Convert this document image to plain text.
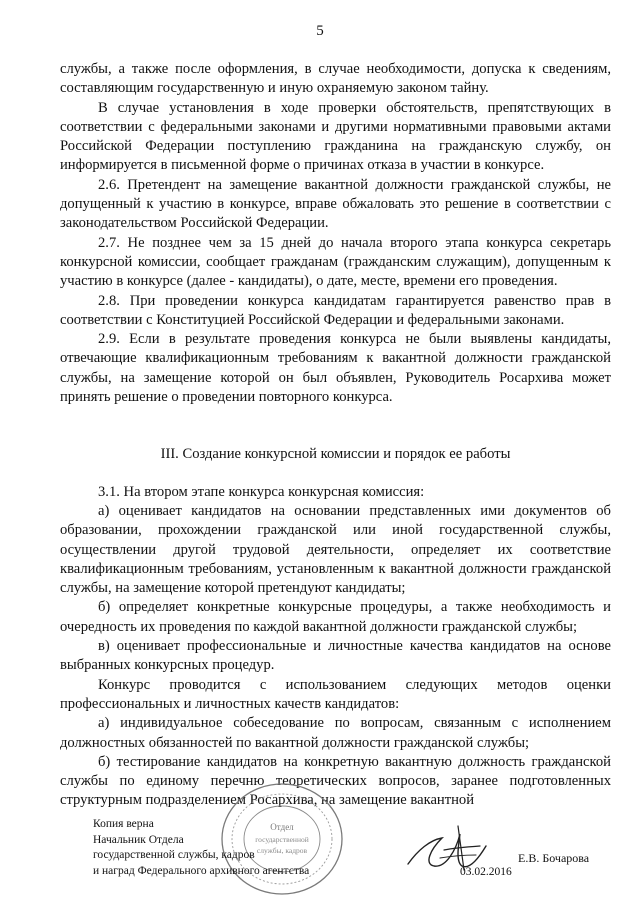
5

службы, а также после оформления, в случае необходимости, допуска к сведениям, составляющим государственную и иную охраняемую законом тайну.

В случае установления в ходе проверки обстоятельств, препятствующих в соответствии с федеральными законами и другими нормативными правовыми актами Российской Федерации поступлению гражданина на гражданскую службу, он информируется в письменной форме о причинах отказа в участии в конкурсе.

2.6. Претендент на замещение вакантной должности гражданской службы, не допущенный к участию в конкурсе, вправе обжаловать это решение в соответствии с законодательством Российской Федерации.

2.7. Не позднее чем за 15 дней до начала второго этапа конкурса секретарь конкурсной комиссии, сообщает гражданам (гражданским служащим), допущенным к участию в конкурсе (далее - кандидаты), о дате, месте, времени его проведения.

2.8. При проведении конкурса кандидатам гарантируется равенство прав в соответствии с Конституцией Российской Федерации и федеральными законами.

2.9. Если в результате проведения конкурса не были выявлены кандидаты, отвечающие квалификационным требованиям к вакантной должности гражданской службы, на замещение которой он был объявлен, Руководитель Росархива может принять решение о проведении повторного конкурса.

III. Создание конкурсной комиссии и порядок ее работы

3.1. На втором этапе конкурса конкурсная комиссия:

а) оценивает кандидатов на основании представленных ими документов об образовании, прохождении гражданской или иной государственной службы, осуществлении другой трудовой деятельности, определяет их соответствие квалификационным требованиям, установленным к вакантной должности гражданской службы, на замещение которой претендуют кандидаты;

б) определяет конкретные конкурсные процедуры, а также необходимость и очередность их проведения по каждой вакантной должности гражданской службы;

в) оценивает профессиональные и личностные качества кандидатов на основе выбранных конкурсных процедур.

Конкурс проводится с использованием следующих методов оценки профессиональных и личностных качеств кандидатов:

а) индивидуальное собеседование по вопросам, связанным с исполнением должностных обязанностей по вакантной должности гражданской службы;

б) тестирование кандидатов на конкретную вакантную должность гражданской службы по единому перечню теоретических вопросов, заранее подготовленных структурным подразделением Росархива, на замещение вакантной

Отдел
государственной
службы, кадров
Копия верна
Начальник Отдела
государственной службы, кадров
и наград Федерального архивного агентства	03.02.2016
Е.В. Бочарова
